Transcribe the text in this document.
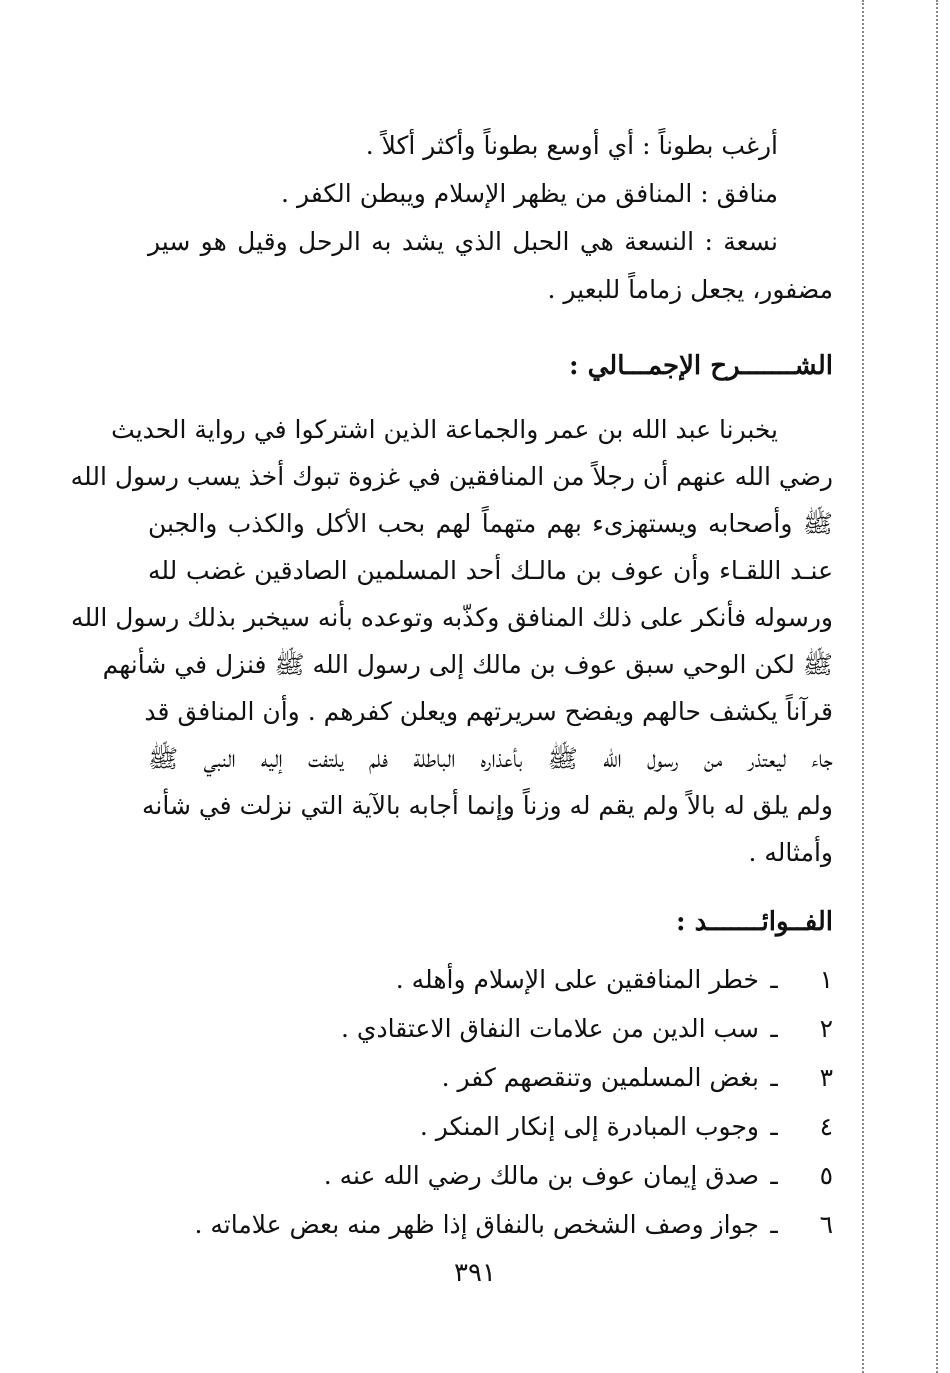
أرغب بطوناً : أي أوسع بطوناً وأكثر أكلاً .
منافق : المنافق من يظهر الإسلام ويبطن الكفر .
نسعة : النسعة هي الحبل الذي يشد به الرحل وقيل هو سير
مضفور، يجعل زماماً للبعير .
الشـــــــرح الإجمـــالي :
يخبرنا عبد الله بن عمر والجماعة الذين اشتركوا في رواية الحديث
رضي الله عنهم أن رجلاً من المنافقين في غزوة تبوك أخذ يسب رسول الله
ﷺ وأصحابه ويستهزىء بهم متهماً لهم بحب الأكل والكذب والجبن
عنـد اللقـاء وأن عوف بن مالـك أحد المسلمين الصادقين غضب لله
ورسوله فأنكر على ذلك المنافق وكذّبه وتوعده بأنه سيخبر بذلك رسول الله
ﷺ لكن الوحي سبق عوف بن مالك إلى رسول الله ﷺ فنزل في شأنهم
قرآناً يكشف حالهم ويفضح سريرتهم ويعلن كفرهم . وأن المنافق قد
جاء ليعتذر من رسول الله ﷺ بأعذاره الباطلة فلم يلتفت إليه النبي ﷺ
ولم يلق له بالاً ولم يقم له وزناً وإنما أجابه بالآية التي نزلت في شأنه
وأمثاله .
الفــوائـــــــد :
١ـخطر المنافقين على الإسلام وأهله .
٢ـسب الدين من علامات النفاق الاعتقادي .
٣ـبغض المسلمين وتنقصهم كفر .
٤ـوجوب المبادرة إلى إنكار المنكر .
٥ـصدق إيمان عوف بن مالك رضي الله عنه .
٦ـجواز وصف الشخص بالنفاق إذا ظهر منه بعض علاماته .
٣٩١
